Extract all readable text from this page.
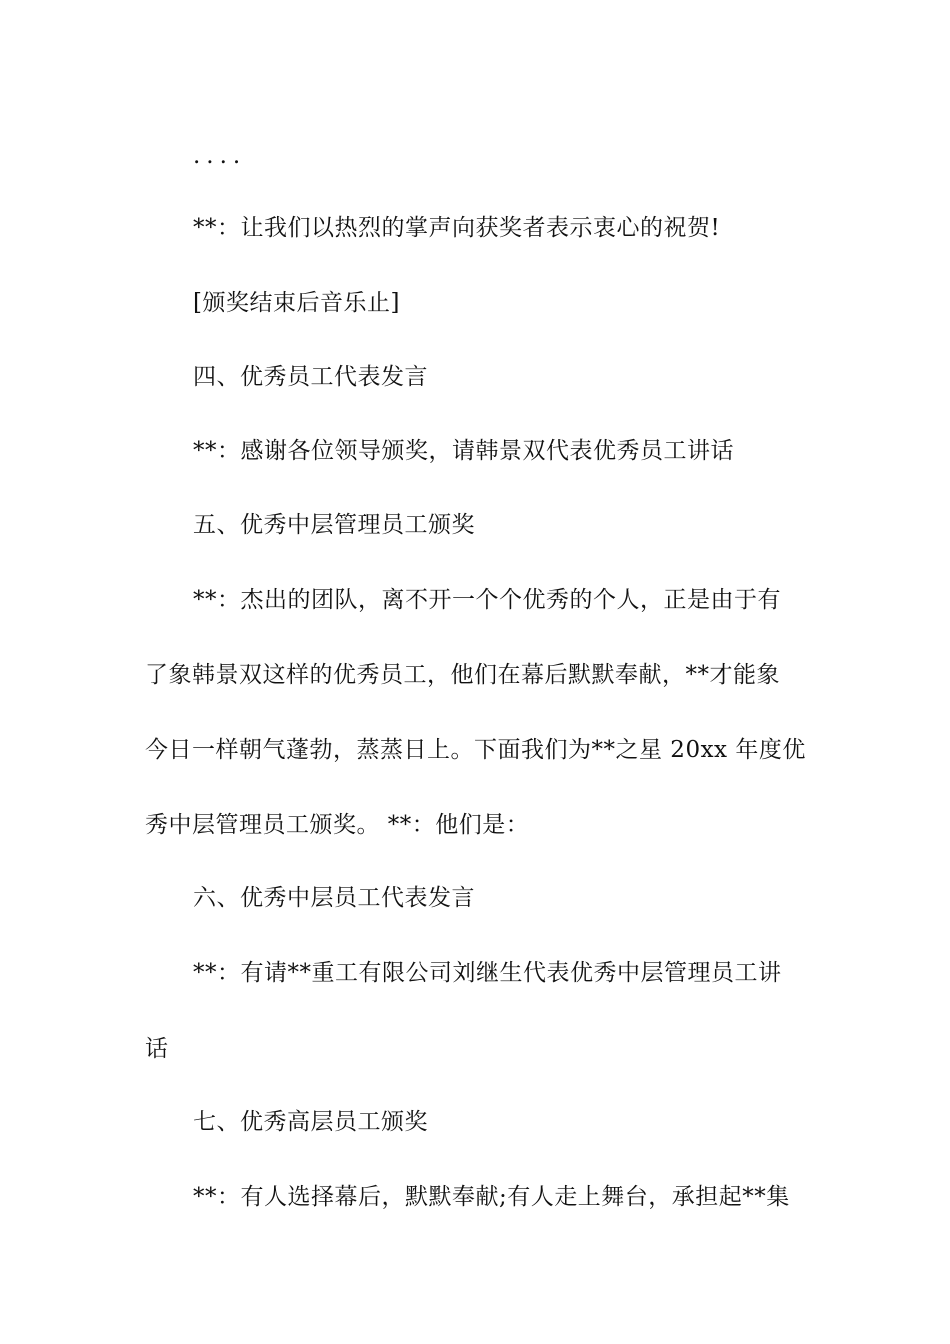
....
**：让我们以热烈的掌声向获奖者表示衷心的祝贺!
[颁奖结束后音乐止]
四、优秀员工代表发言
**：感谢各位领导颁奖，请韩景双代表优秀员工讲话
五、优秀中层管理员工颁奖
**：杰出的团队，离不开一个个优秀的个人，正是由于有
了象韩景双这样的优秀员工，他们在幕后默默奉献，**才能象
今日一样朝气蓬勃，蒸蒸日上。下面我们为**之星 20xx 年度优
秀中层管理员工颁奖。 **：他们是：
六、优秀中层员工代表发言
**：有请**重工有限公司刘继生代表优秀中层管理员工讲
话
七、优秀高层员工颁奖
**：有人选择幕后，默默奉献;有人走上舞台，承担起**集
